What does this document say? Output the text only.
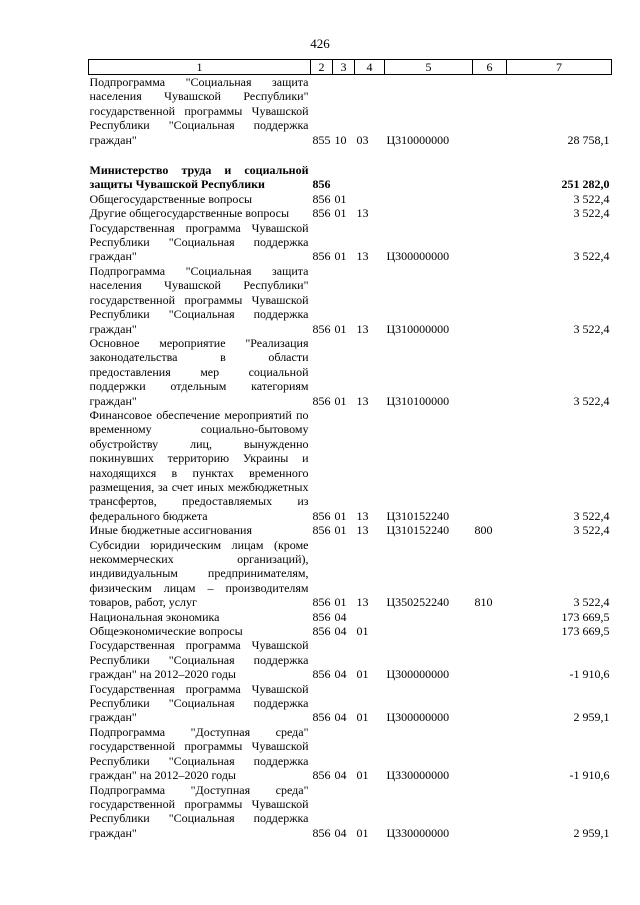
426
1	2	3	4	5	6	7
Подпрограмма "Социальная защита населения Чувашской Республики" государственной программы Чувашской Республики "Социальная поддержка граждан"	855	10	03	Ц310000000		28 758,1

Министерство труда и социальной защиты Чувашской Республики	856					251 282,0
Общегосударственные вопросы	856	01				3 522,4
Другие общегосударственные вопросы	856	01	13			3 522,4
Государственная программа Чувашской Республики "Социальная поддержка граждан"	856	01	13	Ц300000000		3 522,4
Подпрограмма "Социальная защита населения Чувашской Республики" государственной программы Чувашской Республики "Социальная поддержка граждан"	856	01	13	Ц310000000		3 522,4
Основное мероприятие "Реализация законодательства в области предоставления мер социальной поддержки отдельным категориям граждан"	856	01	13	Ц310100000		3 522,4
Финансовое обеспечение мероприятий по временному социально-бытовому обустройству лиц, вынужденно покинувших территорию Украины и находящихся в пунктах временного размещения, за счет иных межбюджетных трансфертов, предоставляемых из федерального бюджета	856	01	13	Ц310152240		3 522,4
Иные бюджетные ассигнования	856	01	13	Ц310152240	800	3 522,4
Субсидии юридическим лицам (кроме некоммерческих организаций), индивидуальным предпринимателям, физическим лицам – производителям товаров, работ, услуг	856	01	13	Ц350252240	810	3 522,4
Национальная экономика	856	04				173 669,5
Общеэкономические вопросы	856	04	01			173 669,5
Государственная программа Чувашской Республики "Социальная поддержка граждан" на 2012–2020 годы	856	04	01	Ц300000000		-1 910,6
Государственная программа Чувашской Республики "Социальная поддержка граждан"	856	04	01	Ц300000000		2 959,1
Подпрограмма "Доступная среда" государственной программы Чувашской Республики "Социальная поддержка граждан" на 2012–2020 годы	856	04	01	Ц330000000		-1 910,6
Подпрограмма "Доступная среда" государственной программы Чувашской Республики "Социальная поддержка граждан"	856	04	01	Ц330000000		2 959,1
